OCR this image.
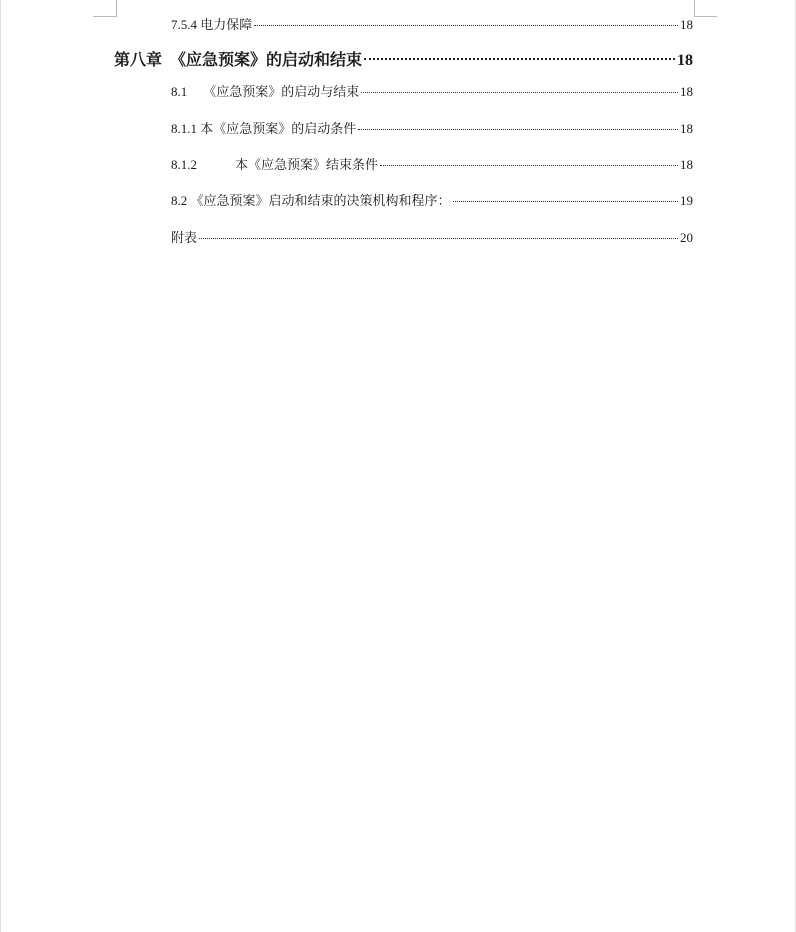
7.5.4 电力保障	18
第八章　《应急预案》的启动和结束	18
8.1 《应急预案》的启动与结束	18
8.1.1 本《应急预案》的启动条件	18
8.1.2	本《应急预案》结束条件	18
8.2 《应急预案》启动和结束的决策机构和程序：	19
附表	20
